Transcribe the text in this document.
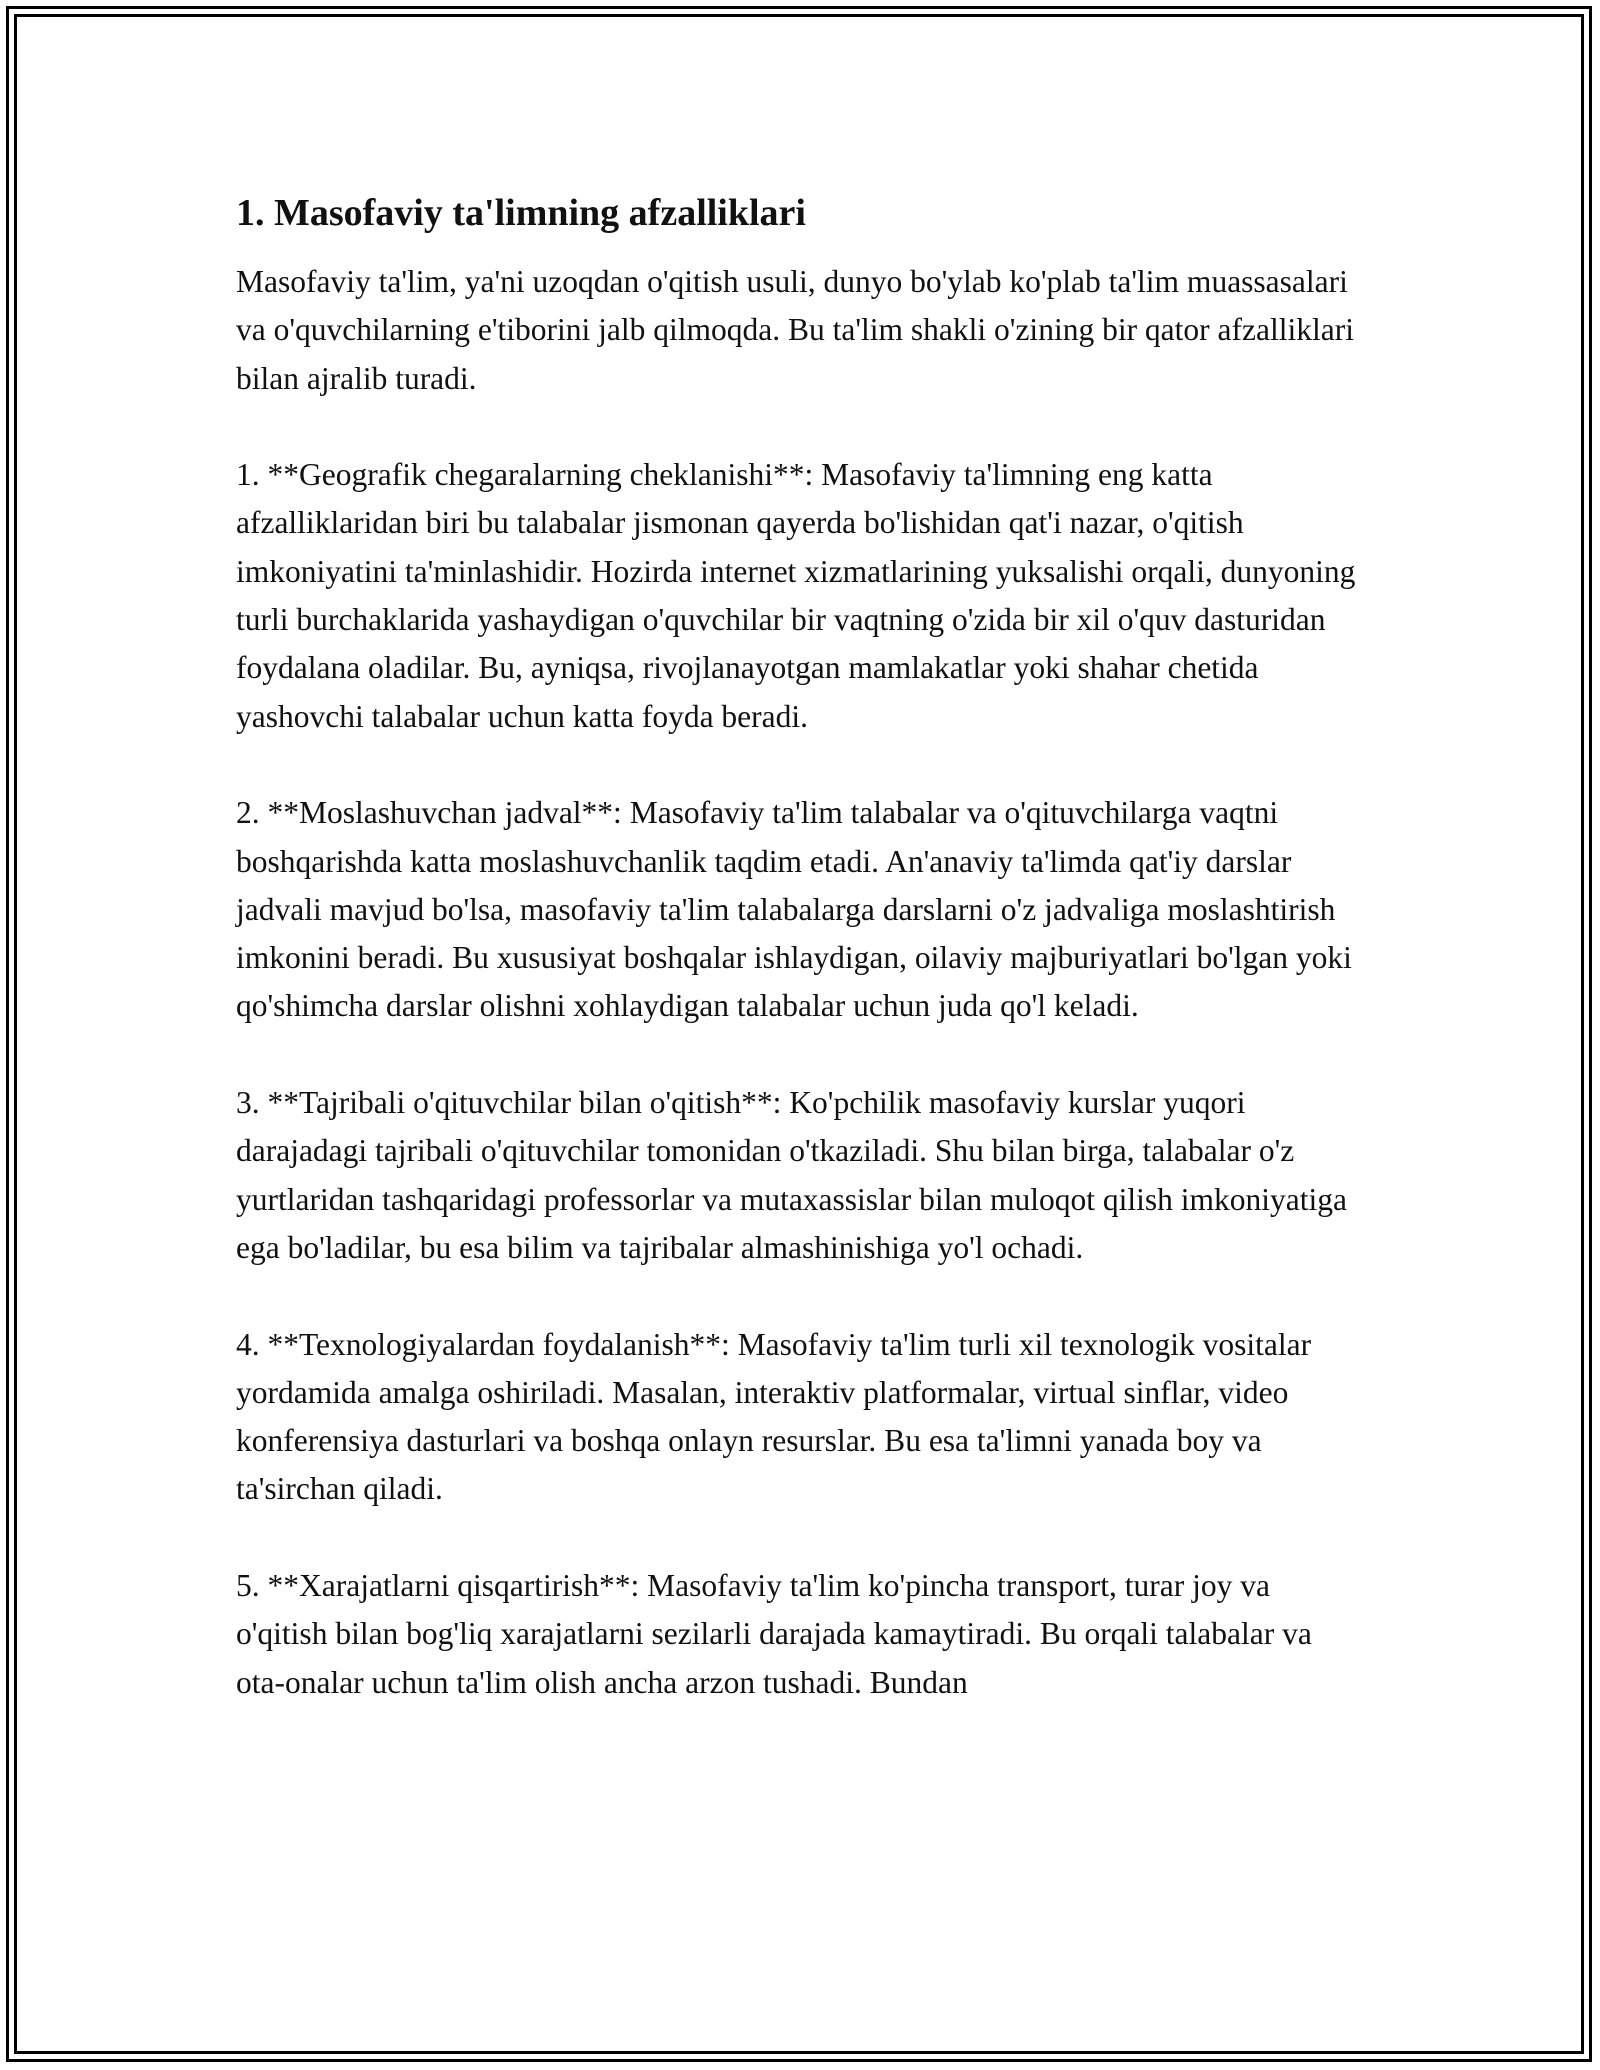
1. Masofaviy ta'limning afzalliklari
Masofaviy ta'lim, ya'ni uzoqdan o'qitish usuli, dunyo bo'ylab ko'plab ta'lim muassasalari va o'quvchilarning e'tiborini jalb qilmoqda. Bu ta'lim shakli o'zining bir qator afzalliklari bilan ajralib turadi.
1. **Geografik chegaralarning cheklanishi**: Masofaviy ta'limning eng katta afzalliklaridan biri bu talabalar jismonan qayerda bo'lishidan qat'i nazar, o'qitish imkoniyatini ta'minlashidir. Hozirda internet xizmatlarining yuksalishi orqali, dunyoning turli burchaklarida yashaydigan o'quvchilar bir vaqtning o'zida bir xil o'quv dasturidan foydalana oladilar. Bu, ayniqsa, rivojlanayotgan mamlakatlar yoki shahar chetida yashovchi talabalar uchun katta foyda beradi.
2. **Moslashuvchan jadval**: Masofaviy ta'lim talabalar va o'qituvchilarga vaqtni boshqarishda katta moslashuvchanlik taqdim etadi. An'anaviy ta'limda qat'iy darslar jadvali mavjud bo'lsa, masofaviy ta'lim talabalarga darslarni o'z jadvaliga moslashtirish imkonini beradi. Bu xususiyat boshqalar ishlaydigan, oilaviy majburiyatlari bo'lgan yoki qo'shimcha darslar olishni xohlaydigan talabalar uchun juda qo'l keladi.
3. **Tajribali o'qituvchilar bilan o'qitish**: Ko'pchilik masofaviy kurslar yuqori darajadagi tajribali o'qituvchilar tomonidan o'tkaziladi. Shu bilan birga, talabalar o'z yurtlaridan tashqaridagi professorlar va mutaxassislar bilan muloqot qilish imkoniyatiga ega bo'ladilar, bu esa bilim va tajribalar almashinishiga yo'l ochadi.
4. **Texnologiyalardan foydalanish**: Masofaviy ta'lim turli xil texnologik vositalar yordamida amalga oshiriladi. Masalan, interaktiv platformalar, virtual sinflar, video konferensiya dasturlari va boshqa onlayn resurslar. Bu esa ta'limni yanada boy va ta'sirchan qiladi.
5. **Xarajatlarni qisqartirish**: Masofaviy ta'lim ko'pincha transport, turar joy va o'qitish bilan bog'liq xarajatlarni sezilarli darajada kamaytiradi. Bu orqali talabalar va ota-onalar uchun ta'lim olish ancha arzon tushadi. Bundan
